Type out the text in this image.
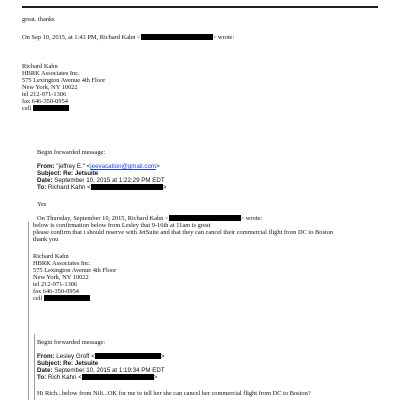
great. thanks
On Sep 10, 2015, at 1:43 PM, Richard Kahn <	> wrote:
Richard Kahn
HBRK Associates Inc.
575 Lexington Avenue 4th Floor
New York, NY 10022
tel 212-971-1306
fax 646-350-0954
cell
Begin forwarded message:
From: "jeffrey E." <jeevacation@gmail.com>
Subject: Re: Jetsuite
Date: September 10, 2015 at 1:22:29 PM EDT
To: Richard Kahn <	>
Yes
On Thursday, September 10, 2015, Richard Kahn <	> wrote:
below is confirmation below from Lesley that 9-16th at 11am is great
please confirm that i should reserve with JetSuite and that they can cancel their commercial flight from DC to Boston
thank you
Richard Kahn
HBRK Associates Inc.
575 Lexington Avenue 4th Floor
New York, NY 10022
tel 212-971-1306
fax 646-350-0954
cell
Begin forwarded message:
From: Lesley Groff <	>
Subject: Re: Jetsuite
Date: September 10, 2015 at 1:19:34 PM EDT
To: Rich Kahn <	>
Hi Rich...below from Nili...OK for me to tell her she can cancel her commercial flight from DC to Boston?
